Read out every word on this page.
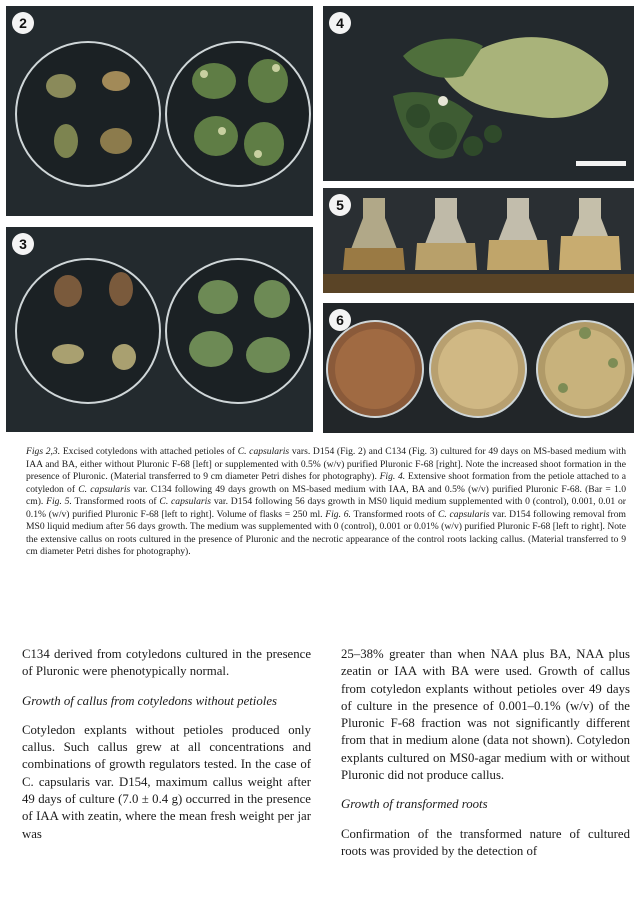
2
3
4
5
6

Figs 2,3. Excised cotyledons with attached petioles of C. capsularis vars. D154 (Fig. 2) and C134 (Fig. 3) cultured for 49 days on MS-based medium with IAA and BA, either without Pluronic F-68 [left] or supplemented with 0.5% (w/v) purified Pluronic F-68 [right]. Note the increased shoot formation in the presence of Pluronic. (Material transferred to 9 cm diameter Petri dishes for photography). Fig. 4. Extensive shoot formation from the petiole attached to a cotyledon of C. capsularis var. C134 following 49 days growth on MS-based medium with IAA, BA and 0.5% (w/v) purified Pluronic F-68. (Bar = 1.0 cm). Fig. 5. Transformed roots of C. capsularis var. D154 following 56 days growth in MS0 liquid medium supplemented with 0 (control), 0.001, 0.01 or 0.1% (w/v) purified Pluronic F-68 [left to right]. Volume of flasks = 250 ml. Fig. 6. Transformed roots of C. capsularis var. D154 following removal from MS0 liquid medium after 56 days growth. The medium was supplemented with 0 (control), 0.001 or 0.01% (w/v) purified Pluronic F-68 [left to right]. Note the extensive callus on roots cultured in the presence of Pluronic and the necrotic appearance of the control roots lacking callus. (Material transferred to 9 cm diameter Petri dishes for photography).

C134 derived from cotyledons cultured in the presence of Pluronic were phenotypically normal.

Growth of callus from cotyledons without petioles

Cotyledon explants without petioles produced only callus. Such callus grew at all concentrations and combinations of growth regulators tested. In the case of C. capsularis var. D154, maximum callus weight after 49 days of culture (7.0 ± 0.4 g) occurred in the presence of IAA with zeatin, where the mean fresh weight per jar was

25–38% greater than when NAA plus BA, NAA plus zeatin or IAA with BA were used. Growth of callus from cotyledon explants without petioles over 49 days of culture in the presence of 0.001–0.1% (w/v) of the Pluronic F-68 fraction was not significantly different from that in medium alone (data not shown). Cotyledon explants cultured on MS0-agar medium with or without Pluronic did not produce callus.

Growth of transformed roots

Confirmation of the transformed nature of cultured roots was provided by the detection of
